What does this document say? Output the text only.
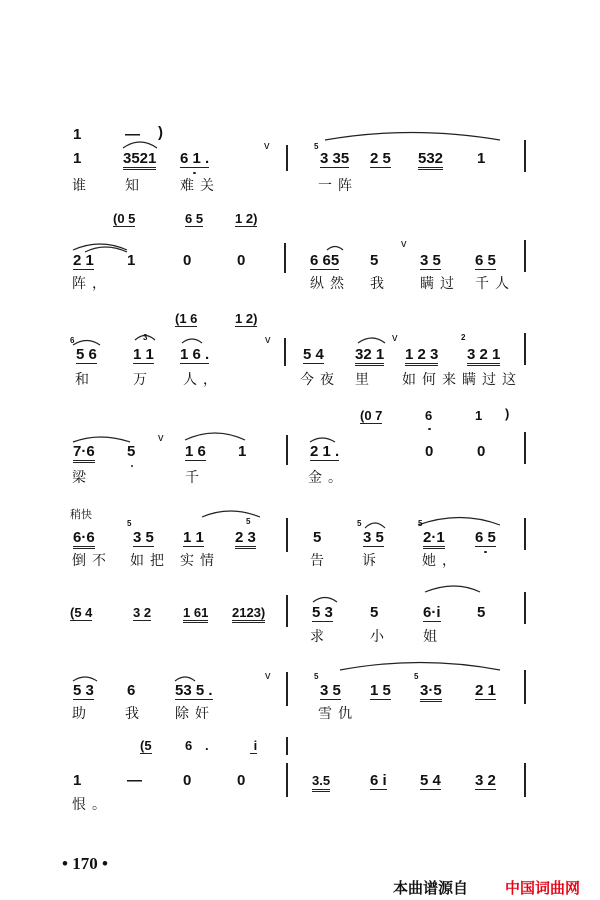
1	— )
1	3521 6 1 .
v	5
3 35 2 5 532 1
谁 知	难关	一阵
(0 5	6 5 1 2)
2 1 1	0	0	6 65 5
v
3 5 6 5
阵，	纵然 我 瞒过 千人
(1 6	1 2)
6
5 6
3
1 1 1 6 .
v
5 4 32 1
v
1 2 3
2
3 2 1
和	万 人，	今夜 里 如何来 瞒过这
(0 7	6	1 )
7·6 5
v
1 6 1	2 1 .	0	0
梁	千	金。
稍快
6·6
5
3 5 1 1
5
2 3	5
5
3 5
5
2·1 6 5
倒不 如把 实情	告 诉	她，
(5 4	3 2 1 61 2123)	5 3 5	6·i 5
求	小 姐
5 3 6	53 5 .
v	5
3 5 1 5
5
3·5 2 1
助 我 除奸	雪仇
(5	6 .	i
1	—	0	0	3.5	6 i 5 4 3 2
恨。
• 170 •
本曲谱源自 中国词曲网
